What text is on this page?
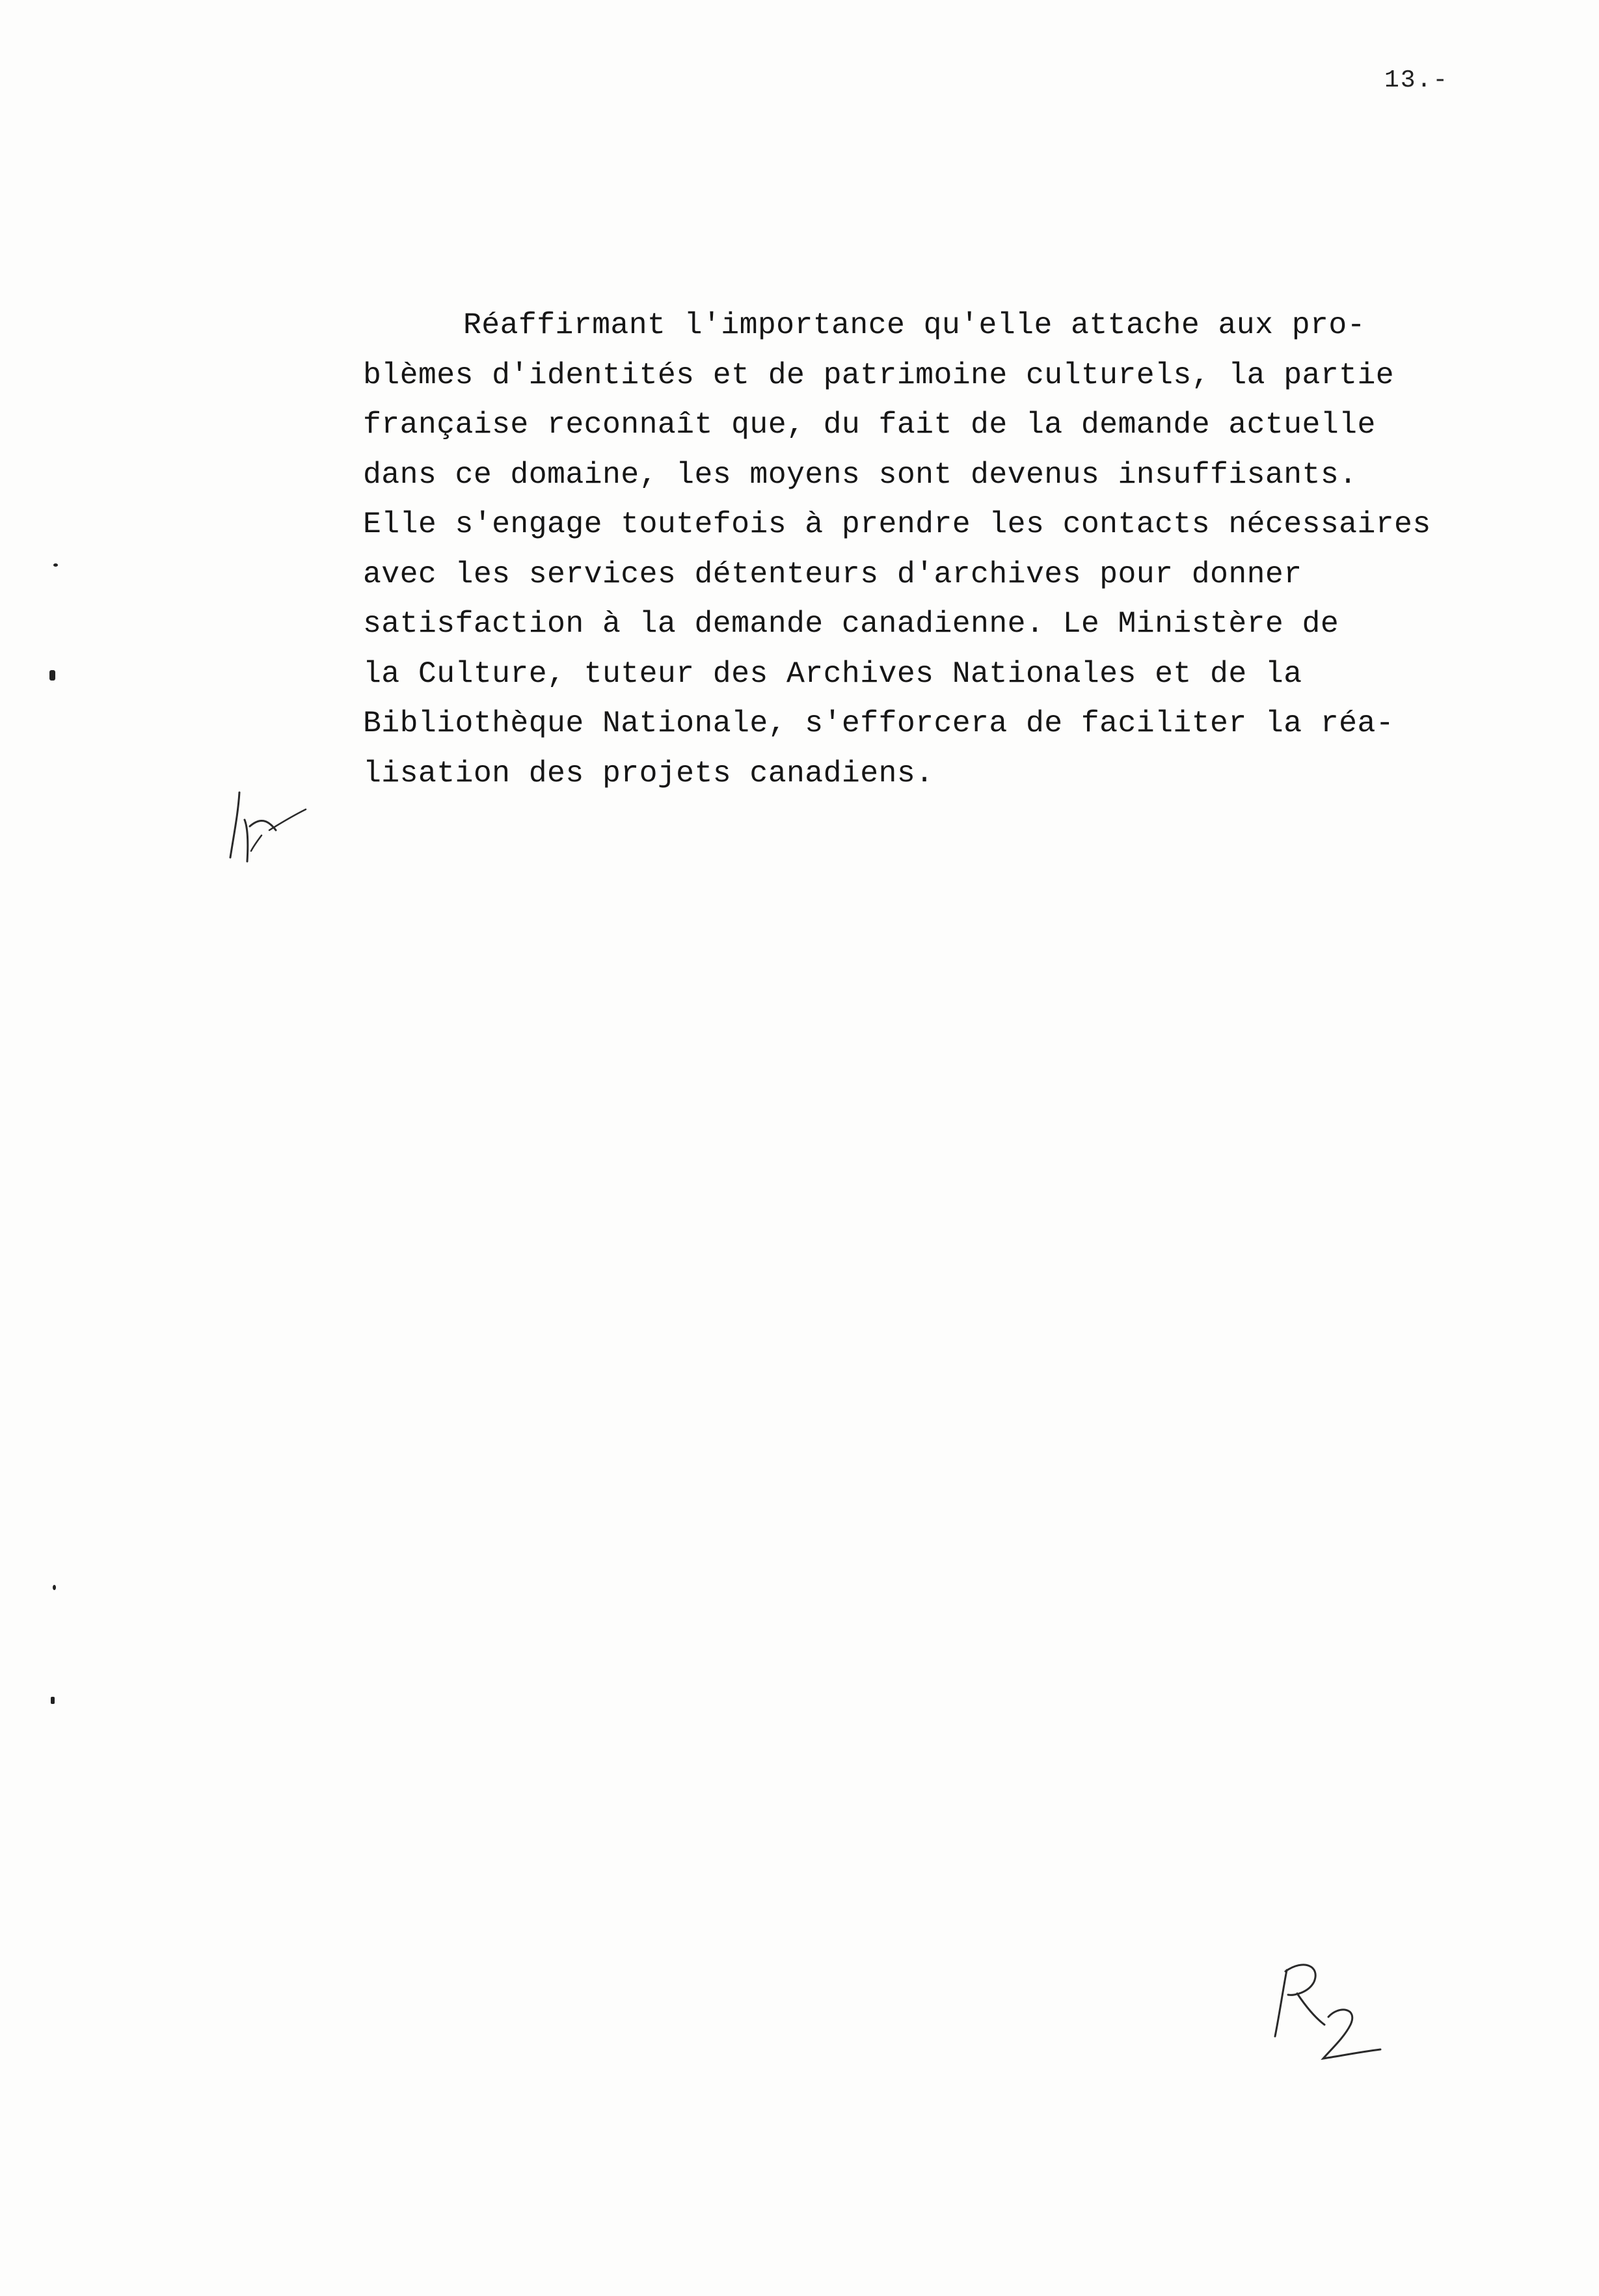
13.-
Réaffirmant l'importance qu'elle attache aux pro-
blèmes d'identités et de patrimoine culturels, la partie
française reconnaît que, du fait de la demande actuelle
dans ce domaine, les moyens sont devenus insuffisants.
Elle s'engage toutefois à prendre les contacts nécessaires
avec les services détenteurs d'archives pour donner
satisfaction à la demande canadienne. Le Ministère de
la Culture, tuteur des Archives Nationales et de la
Bibliothèque Nationale, s'efforcera de faciliter la réa-
lisation des projets canadiens.
